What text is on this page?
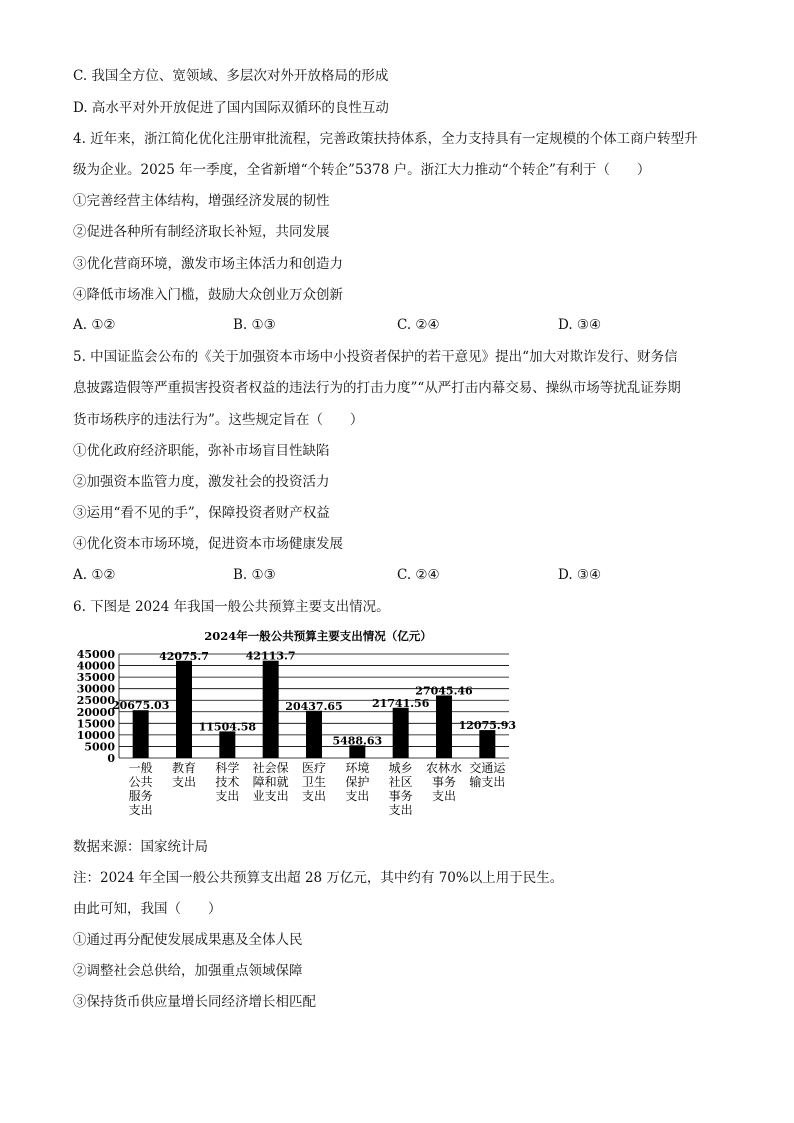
C. 我国全方位、宽领域、多层次对外开放格局的形成
D. 高水平对外开放促进了国内国际双循环的良性互动
4. 近年来，浙江简化优化注册审批流程，完善政策扶持体系，全力支持具有一定规模的个体工商户转型升
级为企业。2025 年一季度，全省新增“个转企”5378 户。浙江大力推动“个转企”有利于（　　）
①完善经营主体结构，增强经济发展的韧性
②促进各种所有制经济取长补短，共同发展
③优化营商环境，激发市场主体活力和创造力
④降低市场准入门槛，鼓励大众创业万众创新
A. ①②	B. ①③	C. ②④	D. ③④
5. 中国证监会公布的《关于加强资本市场中小投资者保护的若干意见》提出“加大对欺诈发行、财务信
息披露造假等严重损害投资者权益的违法行为的打击力度”“从严打击内幕交易、操纵市场等扰乱证券期
货市场秩序的违法行为”。这些规定旨在（　　）
①优化政府经济职能，弥补市场盲目性缺陷
②加强资本监管力度，激发社会的投资活力
③运用“看不见的手”，保障投资者财产权益
④优化资本市场环境，促进资本市场健康发展
A. ①②	B. ①③	C. ②④	D. ③④
6. 下图是 2024 年我国一般公共预算主要支出情况。
2024年一般公共预算主要支出情况（亿元）
45000
40000
35000
30000
25000
20000
15000
10000
5000
0
20675.03
一般
公共
服务
支出
42075.7
教育
支出
11504.58
科学
技术
支出
42113.7
社会保
障和就
业支出
20437.65
医疗
卫生
支出
5488.63
环境
保护
支出
21741.56
城乡
社区
事务
支出
27045.46
农林水
事务
支出
12075.93
交通运
输支出
数据来源：国家统计局
注：2024 年全国一般公共预算支出超 28 万亿元，其中约有 70%以上用于民生。
由此可知，我国（　　）
①通过再分配使发展成果惠及全体人民
②调整社会总供给，加强重点领域保障
③保持货币供应量增长同经济增长相匹配
